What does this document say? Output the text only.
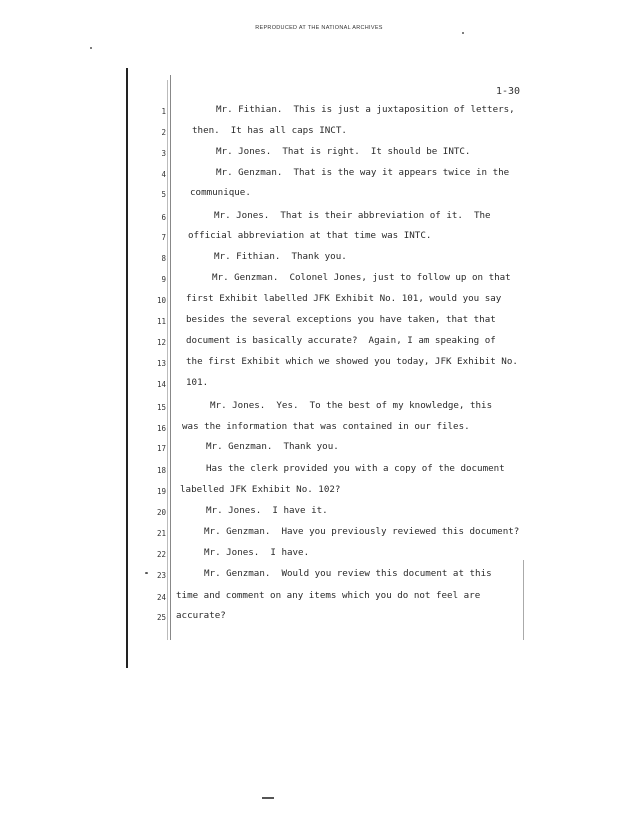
REPRODUCED AT THE NATIONAL ARCHIVES
1-30
1	Mr. Fithian.  This is just a juxtaposition of letters,
2	then.  It has all caps INCT.
3	Mr. Jones.  That is right.  It should be INTC.
4	Mr. Genzman.  That is the way it appears twice in the
5	communique.
6	Mr. Jones.  That is their abbreviation of it.  The
7 official abbreviation at that time was INTC.
8	Mr. Fithian.  Thank you.
9	Mr. Genzman.  Colonel Jones, just to follow up on that
10 first Exhibit labelled JFK Exhibit No. 101, would you say
11 besides the several exceptions you have taken, that that
12 document is basically accurate?  Again, I am speaking of
13 the first Exhibit which we showed you today, JFK Exhibit No.
14 101.
15	Mr. Jones.  Yes.  To the best of my knowledge, this
16 was the information that was contained in our files.
17	Mr. Genzman.  Thank you.
18	Has the clerk provided you with a copy of the document
19 labelled JFK Exhibit No. 102?
20	Mr. Jones.  I have it.
21	Mr. Genzman.  Have you previously reviewed this document?
22	Mr. Jones.  I have.
23	Mr. Genzman.  Would you review this document at this
24 time and comment on any items which you do not feel are
25 accurate?
